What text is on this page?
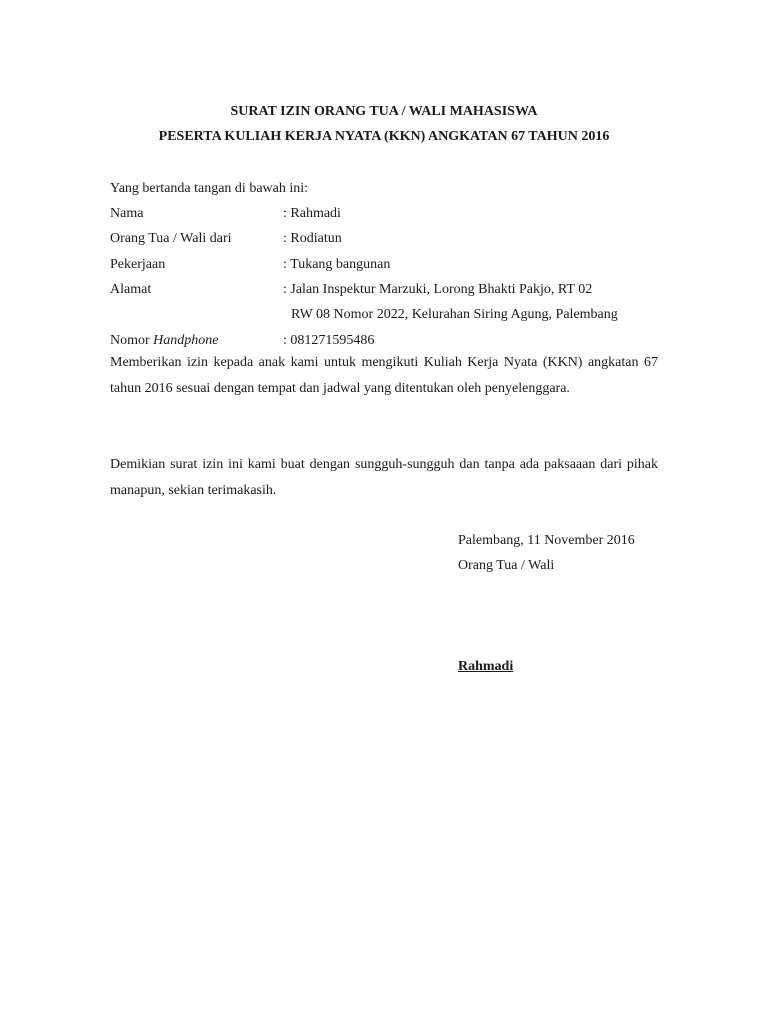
SURAT IZIN ORANG TUA / WALI MAHASISWA
PESERTA KULIAH KERJA NYATA (KKN) ANGKATAN 67 TAHUN 2016
Yang bertanda tangan di bawah ini:
Nama	: Rahmadi
Orang Tua / Wali dari	: Rodiatun
Pekerjaan	: Tukang bangunan
Alamat	: Jalan Inspektur Marzuki, Lorong Bhakti Pakjo, RT 02
RW 08 Nomor 2022, Kelurahan Siring Agung, Palembang
Nomor Handphone	: 081271595486
Memberikan izin kepada anak kami untuk mengikuti Kuliah Kerja Nyata (KKN) angkatan 67 tahun 2016 sesuai dengan tempat dan jadwal yang ditentukan oleh penyelenggara.
Demikian surat izin ini kami buat dengan sungguh-sungguh dan tanpa ada paksaaan dari pihak manapun, sekian terimakasih.
Palembang, 11 November 2016
Orang Tua / Wali
Rahmadi
